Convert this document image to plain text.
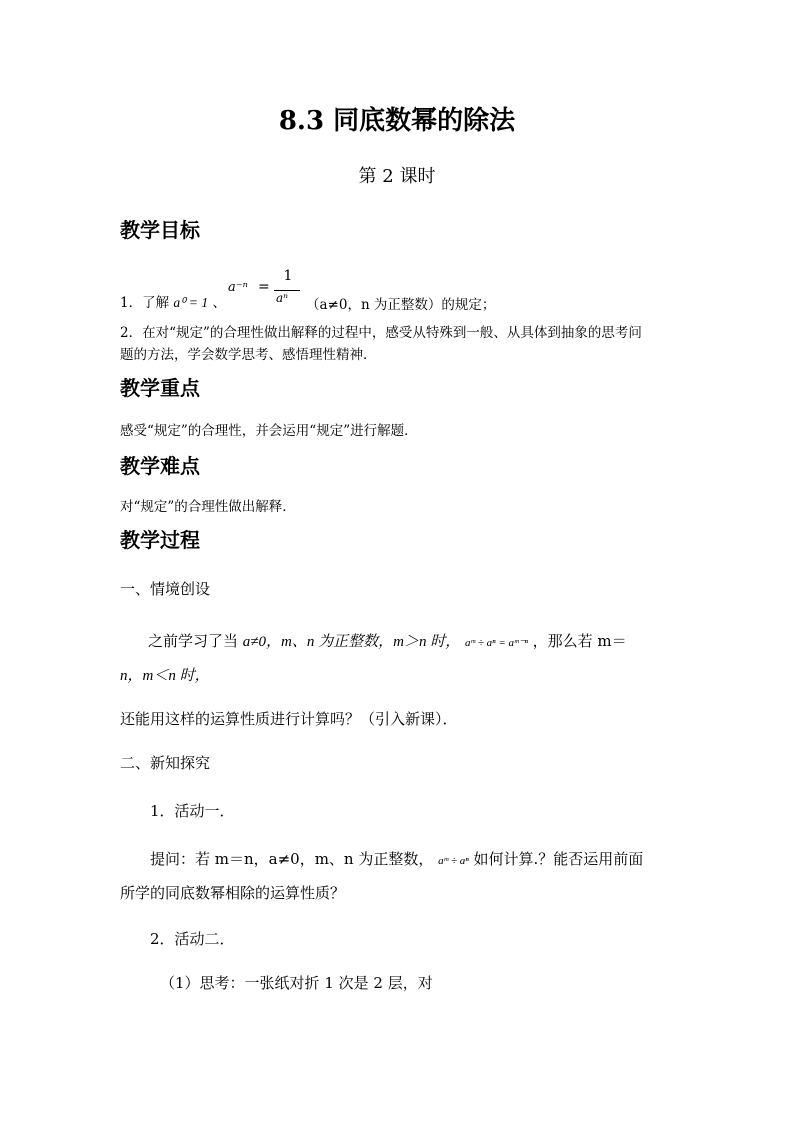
8.3 同底数幂的除法
第 2 课时
教学目标
1．了解 a⁰ = 1 、
a⁻ⁿ =
1
aⁿ （a≠0，n 为正整数）的规定；
2．在对“规定”的合理性做出解释的过程中，感受从特殊到一般、从具体到抽象的思考问
题的方法，学会数学思考、感悟理性精神．
教学重点
感受“规定”的合理性，并会运用“规定”进行解题．
教学难点
对“规定”的合理性做出解释．
教学过程
一、情境创设
之前学习了当 a≠0，m、n 为正整数，m＞n 时， aᵐ ÷ aⁿ = aᵐ⁻ⁿ ，那么若 m＝
n，m＜n 时，
还能用这样的运算性质进行计算吗？（引入新课）．
二、新知探究
1．活动一．
提问：若 m＝n，a≠0，m、n 为正整数， aᵐ ÷ aⁿ 如何计算.？能否运用前面
所学的同底数幂相除的运算性质？
2．活动二．
（1）思考：一张纸对折 1 次是 2 层，对
